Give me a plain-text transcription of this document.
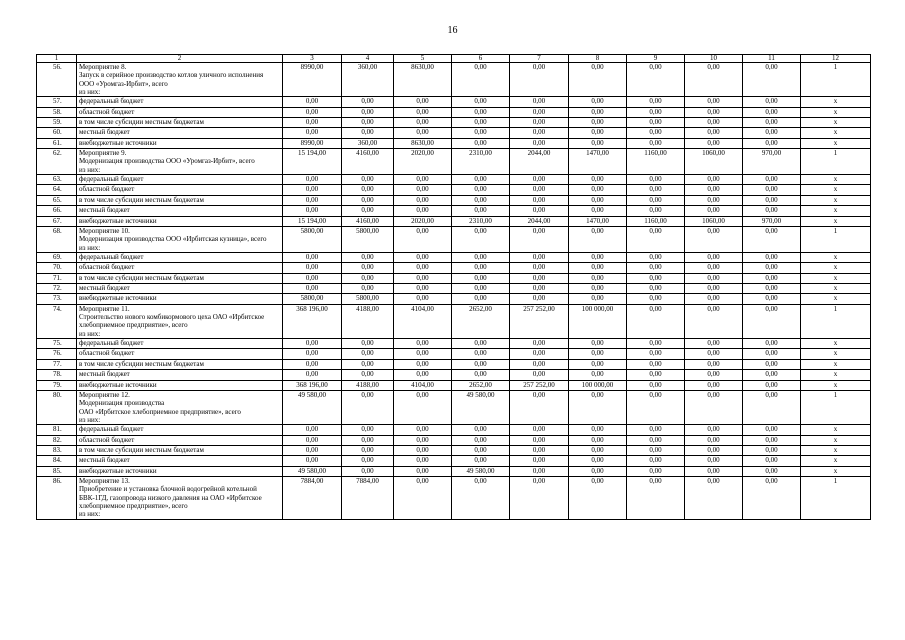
16
1	2	3	4	5	6	7	8	9	10	11	12
56.	Мероприятие 8.
Запуск в серийное производство котлов уличного исполнения ООО «Уромгаз-Ирбит», всего
из них:	8990,00	360,00	8630,00	0,00	0,00	0,00	0,00	0,00	0,00	1
57.	федеральный бюджет	0,00	0,00	0,00	0,00	0,00	0,00	0,00	0,00	0,00	х
58.	областной бюджет	0,00	0,00	0,00	0,00	0,00	0,00	0,00	0,00	0,00	х
59.	в том числе субсидии местным бюджетам	0,00	0,00	0,00	0,00	0,00	0,00	0,00	0,00	0,00	х
60.	местный бюджет	0,00	0,00	0,00	0,00	0,00	0,00	0,00	0,00	0,00	х
61.	внебюджетные источники	8990,00	360,00	8630,00	0,00	0,00	0,00	0,00	0,00	0,00	х
62.	Мероприятие 9.
Модернизация производства ООО «Уромгаз-Ирбит», всего
из них:	15 194,00	4160,00	2020,00	2310,00	2044,00	1470,00	1160,00	1060,00	970,00	1
63.	федеральный бюджет	0,00	0,00	0,00	0,00	0,00	0,00	0,00	0,00	0,00	х
64.	областной бюджет	0,00	0,00	0,00	0,00	0,00	0,00	0,00	0,00	0,00	х
65.	в том числе субсидии местным бюджетам	0,00	0,00	0,00	0,00	0,00	0,00	0,00	0,00	0,00	х
66.	местный бюджет	0,00	0,00	0,00	0,00	0,00	0,00	0,00	0,00	0,00	х
67.	внебюджетные источники	15 194,00	4160,00	2020,00	2310,00	2044,00	1470,00	1160,00	1060,00	970,00	х
68.	Мероприятие 10.
Модернизация производства ООО «Ирбитская кузница», всего
из них:	5800,00	5800,00	0,00	0,00	0,00	0,00	0,00	0,00	0,00	1
69.	федеральный бюджет	0,00	0,00	0,00	0,00	0,00	0,00	0,00	0,00	0,00	х
70.	областной бюджет	0,00	0,00	0,00	0,00	0,00	0,00	0,00	0,00	0,00	х
71.	в том числе субсидии местным бюджетам	0,00	0,00	0,00	0,00	0,00	0,00	0,00	0,00	0,00	х
72.	местный бюджет	0,00	0,00	0,00	0,00	0,00	0,00	0,00	0,00	0,00	х
73.	внебюджетные источники	5800,00	5800,00	0,00	0,00	0,00	0,00	0,00	0,00	0,00	х
74.	Мероприятие 11.
Строительство нового комбикормового цеха ОАО «Ирбитское хлебоприемное предприятие», всего
из них:	368 196,00	4188,00	4104,00	2652,00	257 252,00	100 000,00	0,00	0,00	0,00	1
75.	федеральный бюджет	0,00	0,00	0,00	0,00	0,00	0,00	0,00	0,00	0,00	х
76.	областной бюджет	0,00	0,00	0,00	0,00	0,00	0,00	0,00	0,00	0,00	х
77.	в том числе субсидии местным бюджетам	0,00	0,00	0,00	0,00	0,00	0,00	0,00	0,00	0,00	х
78.	местный бюджет	0,00	0,00	0,00	0,00	0,00	0,00	0,00	0,00	0,00	х
79.	внебюджетные источники	368 196,00	4188,00	4104,00	2652,00	257 252,00	100 000,00	0,00	0,00	0,00	х
80.	Мероприятие 12.
Модернизация производства
ОАО «Ирбитское хлебоприемное предприятие», всего
из них:	49 580,00	0,00	0,00	49 580,00	0,00	0,00	0,00	0,00	0,00	1
81.	федеральный бюджет	0,00	0,00	0,00	0,00	0,00	0,00	0,00	0,00	0,00	х
82.	областной бюджет	0,00	0,00	0,00	0,00	0,00	0,00	0,00	0,00	0,00	х
83.	в том числе субсидии местным бюджетам	0,00	0,00	0,00	0,00	0,00	0,00	0,00	0,00	0,00	х
84.	местный бюджет	0,00	0,00	0,00	0,00	0,00	0,00	0,00	0,00	0,00	х
85.	внебюджетные источники	49 580,00	0,00	0,00	49 580,00	0,00	0,00	0,00	0,00	0,00	х
86.	Мероприятие 13.
Приобретение и установка блочной водогрейной котельной БВК-1ГД, газопровода низкого давления на ОАО «Ирбитское хлебоприемное предприятие», всего
из них:	7884,00	7884,00	0,00	0,00	0,00	0,00	0,00	0,00	0,00	1
